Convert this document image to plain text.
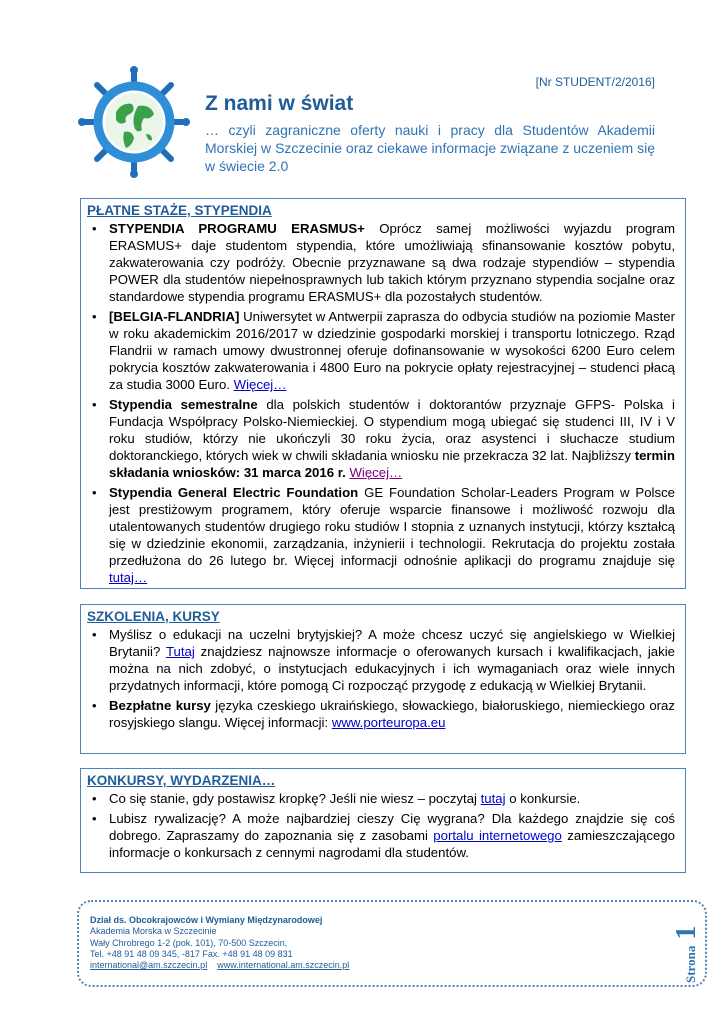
[Nr STUDENT/2/2016]
Z nami w świat

… czyli zagraniczne oferty nauki i pracy dla Studentów Akademii Morskiej w Szczecinie oraz ciekawe informacje związane z uczeniem się w świecie 2.0

PŁATNE STAŻE, STYPENDIA
• STYPENDIA PROGRAMU ERASMUS+ Oprócz samej możliwości wyjazdu program ERASMUS+ daje studentom stypendia, które umożliwiają sfinansowanie kosztów pobytu, zakwaterowania czy podróży. Obecnie przyznawane są dwa rodzaje stypendiów – stypendia POWER dla studentów niepełnosprawnych lub takich którym przyznano stypendia socjalne oraz standardowe stypendia programu ERASMUS+ dla pozostałych studentów.
• [BELGIA-FLANDRIA] Uniwersytet w Antwerpii zaprasza do odbycia studiów na poziomie Master w roku akademickim 2016/2017 w dziedzinie gospodarki morskiej i transportu lotniczego. Rząd Flandrii w ramach umowy dwustronnej oferuje dofinansowanie w wysokości 6200 Euro celem pokrycia kosztów zakwaterowania i 4800 Euro na pokrycie opłaty rejestracyjnej – studenci płacą za studia 3000 Euro. Więcej…
• Stypendia semestralne dla polskich studentów i doktorantów przyznaje GFPS- Polska i Fundacja Współpracy Polsko-Niemieckiej. O stypendium mogą ubiegać się studenci III, IV i V roku studiów, którzy nie ukończyli 30 roku życia, oraz asystenci i słuchacze studium doktoranckiego, których wiek w chwili składania wniosku nie przekracza 32 lat. Najbliższy termin składania wniosków: 31 marca 2016 r. Więcej…
• Stypendia General Electric Foundation GE Foundation Scholar-Leaders Program w Polsce jest prestiżowym programem, który oferuje wsparcie finansowe i możliwość rozwoju dla utalentowanych studentów drugiego roku studiów I stopnia z uznanych instytucji, którzy kształcą się w dziedzinie ekonomii, zarządzania, inżynierii i technologii. Rekrutacja do projektu została przedłużona do 26 lutego br. Więcej informacji odnośnie aplikacji do programu znajduje się tutaj…
SZKOLENIA, KURSY
• Myślisz o edukacji na uczelni brytyjskiej? A może chcesz uczyć się angielskiego w Wielkiej Brytanii? Tutaj znajdziesz najnowsze informacje o oferowanych kursach i kwalifikacjach, jakie można na nich zdobyć, o instytucjach edukacyjnych i ich wymaganiach oraz wiele innych przydatnych informacji, które pomogą Ci rozpocząć przygodę z edukacją w Wielkiej Brytanii.
• Bezpłatne kursy języka czeskiego ukraińskiego, słowackiego, białoruskiego, niemieckiego oraz rosyjskiego slangu. Więcej informacji: www.porteuropa.eu
KONKURSY, WYDARZENIA…
• Co się stanie, gdy postawisz kropkę? Jeśli nie wiesz – poczytaj tutaj o konkursie.
• Lubisz rywalizację? A może najbardziej cieszy Cię wygrana? Dla każdego znajdzie się coś dobrego. Zapraszamy do zapoznania się z zasobami portalu internetowego zamieszczającego informacje o konkursach z cennymi nagrodami dla studentów.
Dział ds. Obcokrajowców i Wymiany Międzynarodowej
Akademia Morska w Szczecinie
Wały Chrobrego 1-2 (pok. 101), 70-500 Szczecin,
Tel. +48 91 48 09 345, -817 Fax. +48 91 48 09 831
international@am.szczecin.pl www.international.am.szczecin.pl	Strona1
